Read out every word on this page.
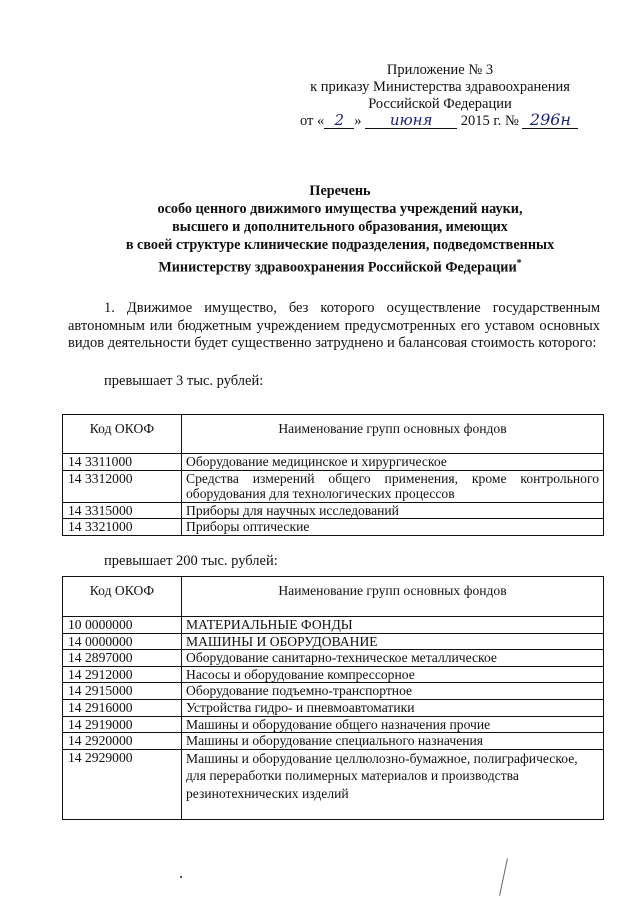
Приложение № 3
к приказу Министерства здравоохранения
Российской Федерации
от « 2 » июня 2015 г. № 296н
Перечень
особо ценного движимого имущества учреждений науки,
высшего и дополнительного образования, имеющих
в своей структуре клинические подразделения, подведомственных
Министерству здравоохранения Российской Федерации*
1. Движимое имущество, без которого осуществление государственным автономным или бюджетным учреждением предусмотренных его уставом основных видов деятельности будет существенно затруднено и балансовая стоимость которого:
превышает 3 тыс. рублей:
Код ОКОФ	Наименование групп основных фондов
14 3311000	Оборудование медицинское и хирургическое
14 3312000	Средства измерений общего применения, кроме контрольного оборудования для технологических процессов
14 3315000	Приборы для научных исследований
14 3321000	Приборы оптические
превышает 200 тыс. рублей:
Код ОКОФ	Наименование групп основных фондов
10 0000000	МАТЕРИАЛЬНЫЕ ФОНДЫ
14 0000000	МАШИНЫ И ОБОРУДОВАНИЕ
14 2897000	Оборудование санитарно-техническое металлическое
14 2912000	Насосы и оборудование компрессорное
14 2915000	Оборудование подъемно-транспортное
14 2916000	Устройства гидро- и пневмоавтоматики
14 2919000	Машины и оборудование общего назначения прочие
14 2920000	Машины и оборудование специального назначения
14 2929000	Машины и оборудование целлюлозно-бумажное, полиграфическое, для переработки полимерных материалов и производства резинотехнических изделий
